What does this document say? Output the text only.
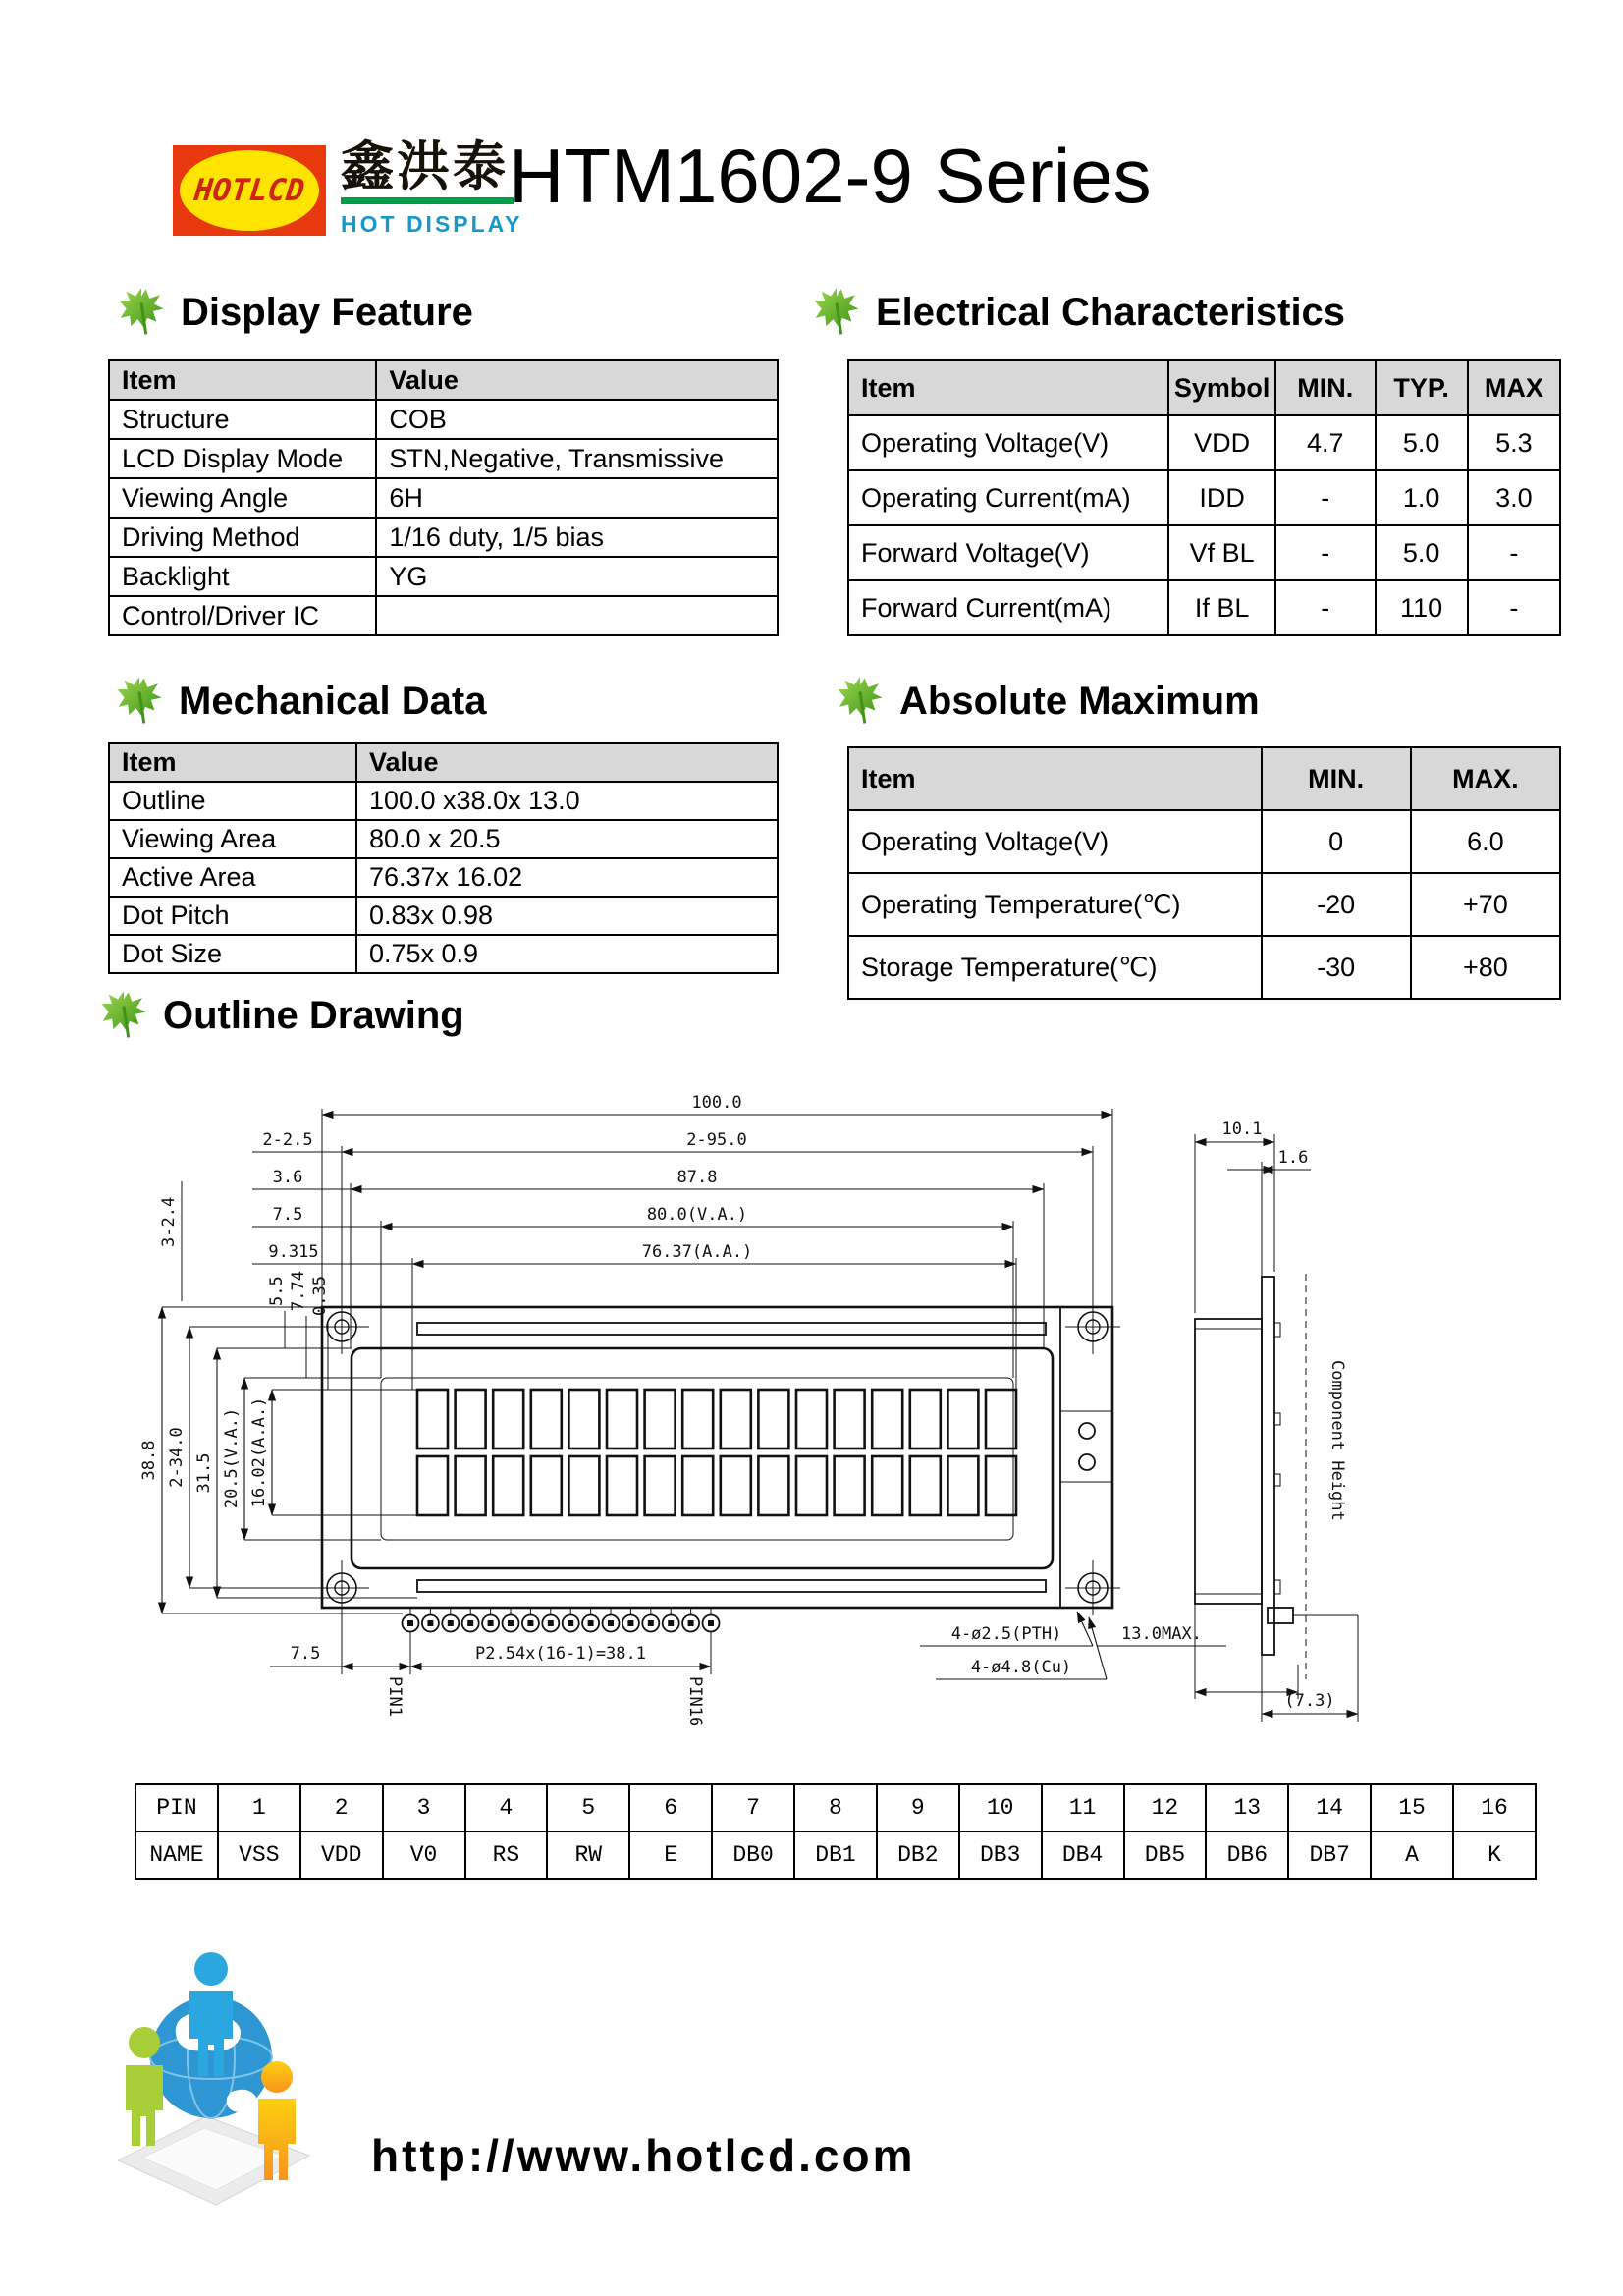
HOTLCD 鑫洪泰
HOT DISPLAY
HTM1602-9 Series
Display Feature	Electrical Characteristics
Mechanical Data	Absolute Maximum
Outline Drawing
Item	Value
Structure	COB
LCD Display Mode	STN,Negative, Transmissive
Viewing Angle	6H
Driving Method	1/16 duty, 1/5 bias
Backlight	YG
Control/Driver IC	
Item	Symbol	MIN.	TYP.	MAX
Operating Voltage(V)	VDD	4.7	5.0	5.3
Operating Current(mA)	IDD	-	1.0	3.0
Forward Voltage(V)	Vf BL	-	5.0	-
Forward Current(mA)	If BL	-	110	-
Item	Value
Outline	100.0 x38.0x 13.0
Viewing Area	80.0 x 20.5
Active Area	76.37x 16.02
Dot Pitch	0.83x 0.98
Dot Size	0.75x 0.9
Item	MIN.	MAX.
Operating Voltage(V)	0	6.0
Operating Temperature(℃)	-20	+70
Storage Temperature(℃)	-30	+80
PIN	1	2	3	4	5	6	7	8	9	10	11	12	13	14	15	16
NAME	VSS	VDD	V0	RS	RW	E	DB0	DB1	DB2	DB3	DB4	DB5	DB6	DB7	A	K
100.0
2-95.0
2-2.5
87.8
3.6
80.0(V.A.)
7.5
76.37(A.A.)
9.315
3-2.4
5.5 7.74 0.35
38.8 2-34.0 31.5 20.5(V.A.) 16.02(A.A.)
7.5	P2.54x(16-1)=38.1
PIN1	PIN16
4-ø2.5(PTH)
4-ø4.8(Cu)
13.0MAX.
10.1
1.6
(7.3)
Component Height
http://www.hotlcd.com
